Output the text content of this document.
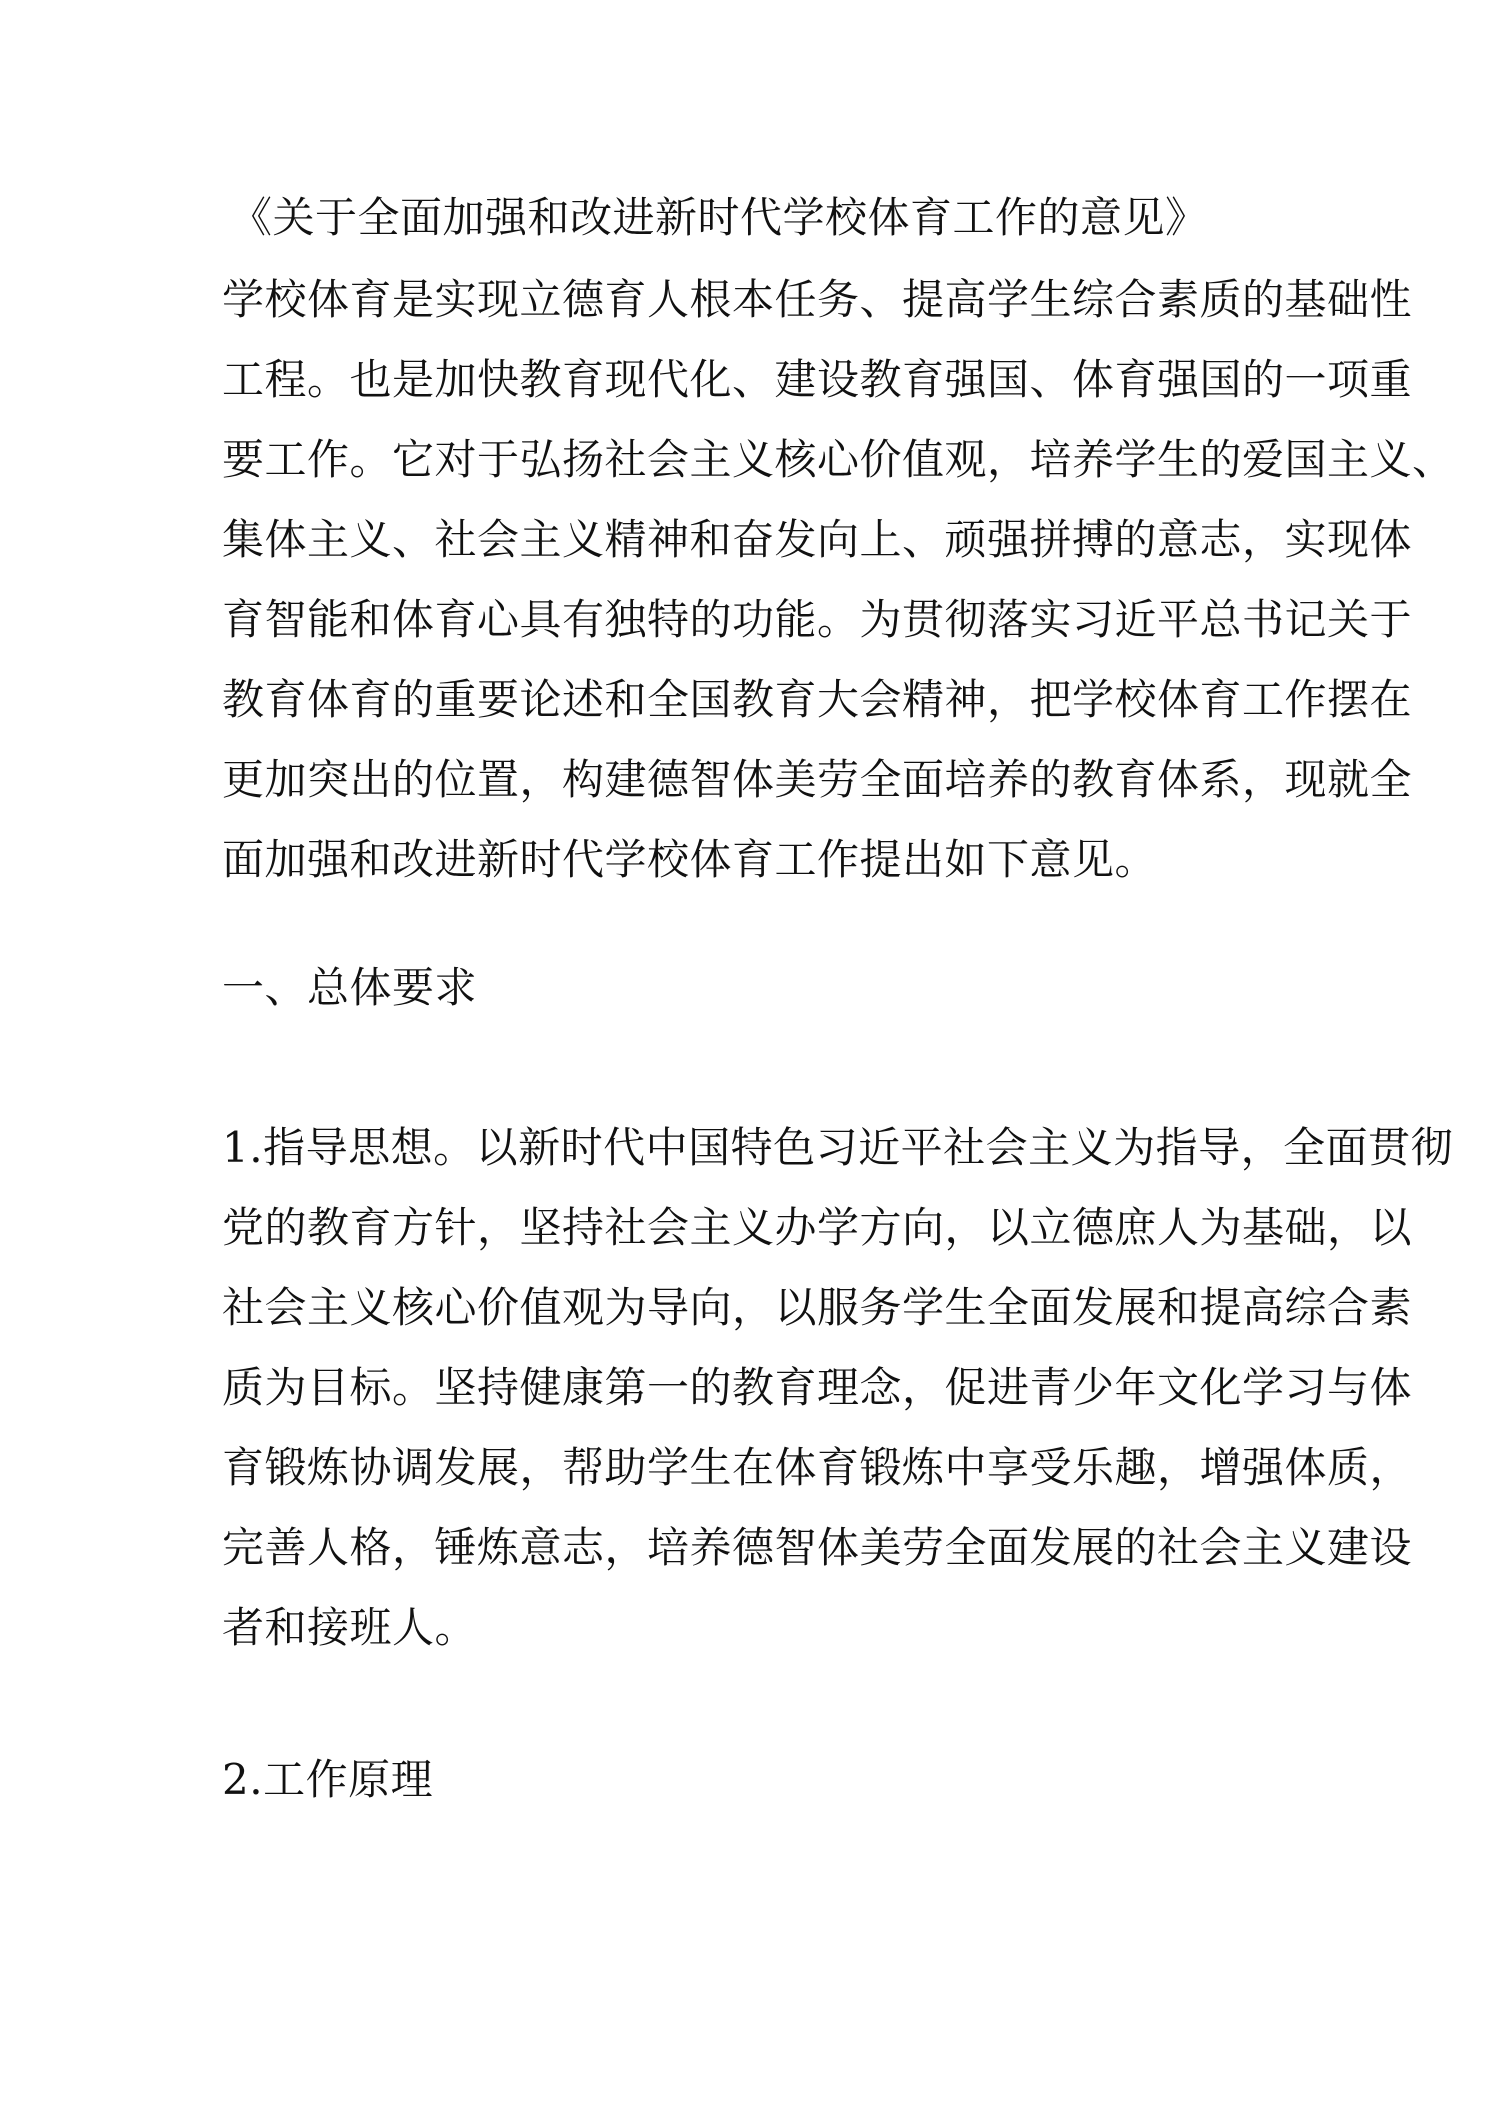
《关于全面加强和改进新时代学校体育工作的意见》
学校体育是实现立德育人根本任务、提高学生综合素质的基础性
工程。也是加快教育现代化、建设教育强国、体育强国的一项重
要工作。它对于弘扬社会主义核心价值观，培养学生的爱国主义、
集体主义、社会主义精神和奋发向上、顽强拼搏的意志，实现体
育智能和体育心具有独特的功能。为贯彻落实习近平总书记关于
教育体育的重要论述和全国教育大会精神，把学校体育工作摆在
更加突出的位置，构建德智体美劳全面培养的教育体系，现就全
面加强和改进新时代学校体育工作提出如下意见。
一、总体要求
1.指导思想。以新时代中国特色习近平社会主义为指导，全面贯彻
党的教育方针，坚持社会主义办学方向，以立德庶人为基础，以
社会主义核心价值观为导向，以服务学生全面发展和提高综合素
质为目标。坚持健康第一的教育理念，促进青少年文化学习与体
育锻炼协调发展，帮助学生在体育锻炼中享受乐趣，增强体质，
完善人格，锤炼意志，培养德智体美劳全面发展的社会主义建设
者和接班人。
2.工作原理
